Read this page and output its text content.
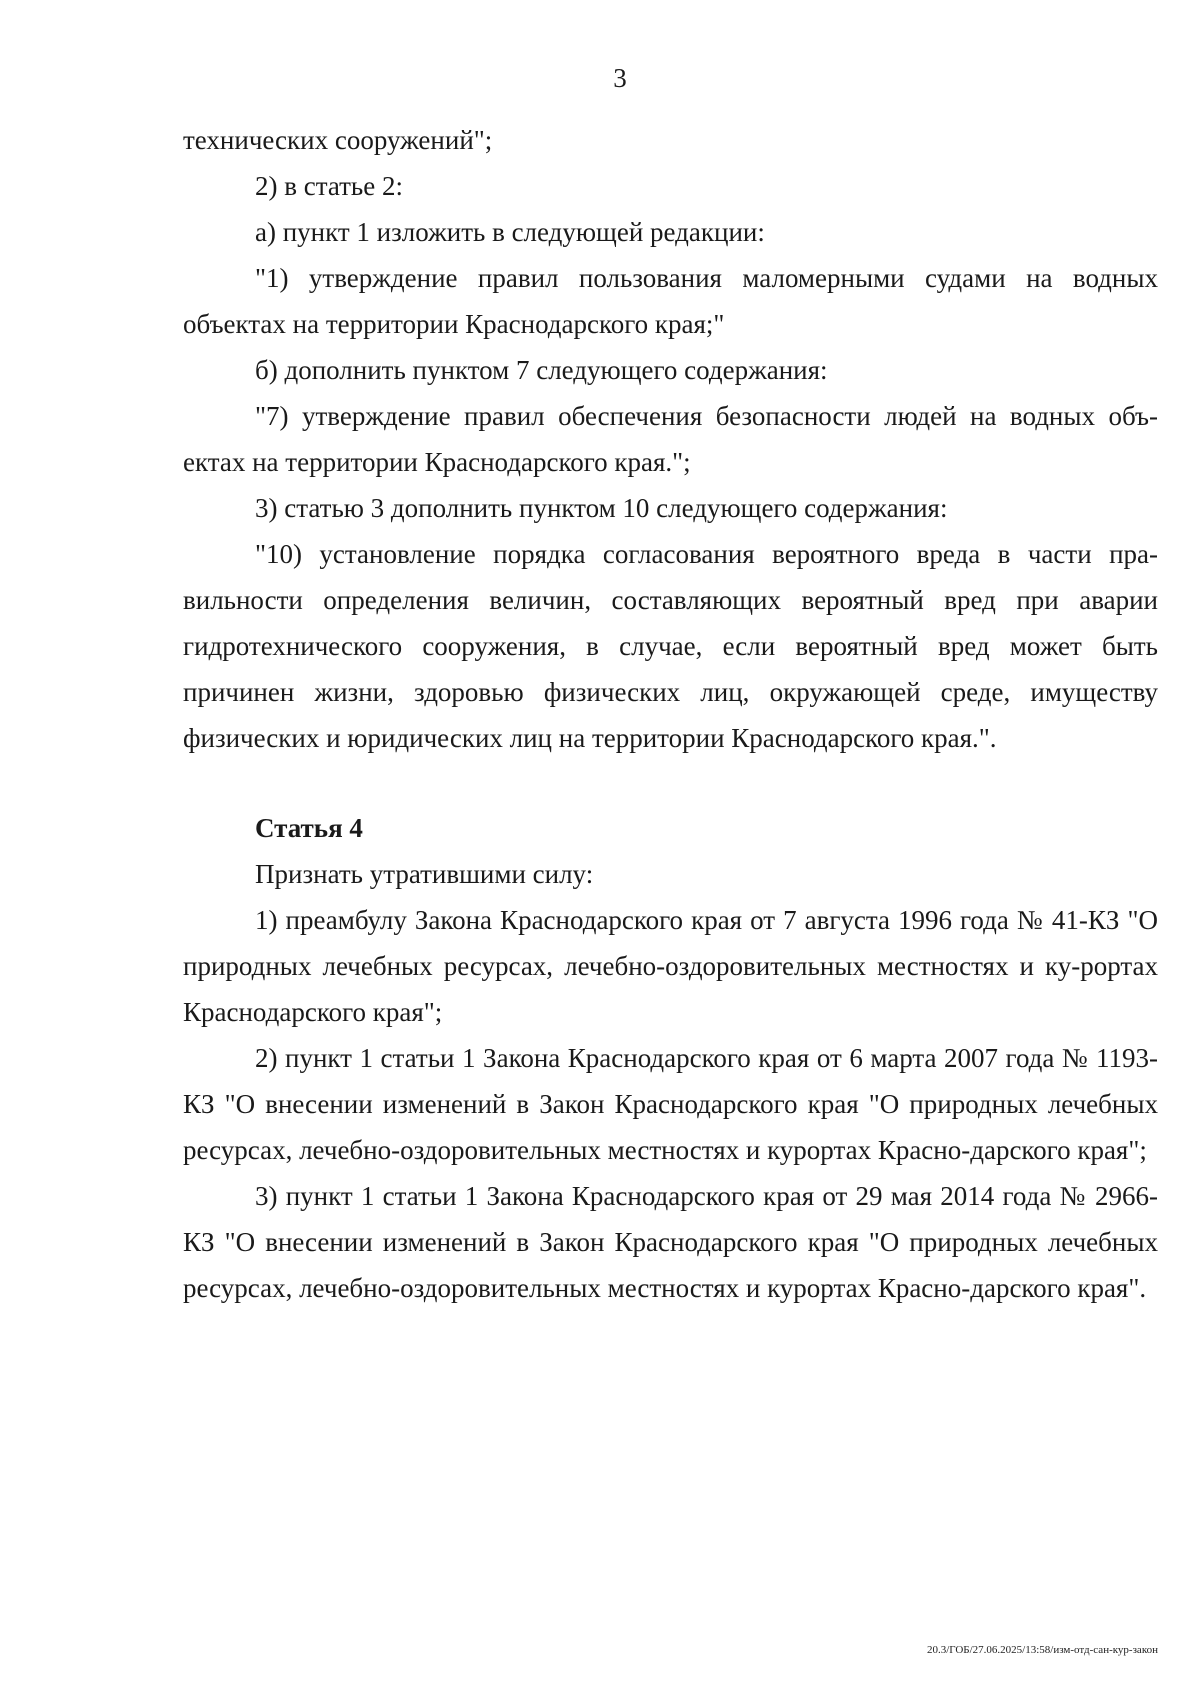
3

технических сооружений";

2) в статье 2:

а) пункт 1 изложить в следующей редакции:

"1) утверждение правил пользования маломерными судами на водных объектах на территории Краснодарского края;"

б) дополнить пунктом 7 следующего содержания:

"7) утверждение правил обеспечения безопасности людей на водных объ-ектах на территории Краснодарского края.";

3) статью 3 дополнить пунктом 10 следующего содержания:

"10) установление порядка согласования вероятного вреда в части пра-вильности определения величин, составляющих вероятный вред при аварии гидротехнического сооружения, в случае, если вероятный вред может быть причинен жизни, здоровью физических лиц, окружающей среде, имуществу физических и юридических лиц на территории Краснодарского края.".

Статья 4

Признать утратившими силу:

1) преамбулу Закона Краснодарского края от 7 августа 1996 года № 41-КЗ "О природных лечебных ресурсах, лечебно-оздоровительных местностях и ку-рортах Краснодарского края";

2) пункт 1 статьи 1 Закона Краснодарского края от 6 марта 2007 года № 1193-КЗ "О внесении изменений в Закон Краснодарского края "О природных лечебных ресурсах, лечебно-оздоровительных местностях и курортах Красно-дарского края";

3) пункт 1 статьи 1 Закона Краснодарского края от 29 мая 2014 года № 2966-КЗ "О внесении изменений в Закон Краснодарского края "О природных лечебных ресурсах, лечебно-оздоровительных местностях и курортах Красно-дарского края".

20.3/ГОБ/27.06.2025/13:58/изм-отд-сан-кур-закон
